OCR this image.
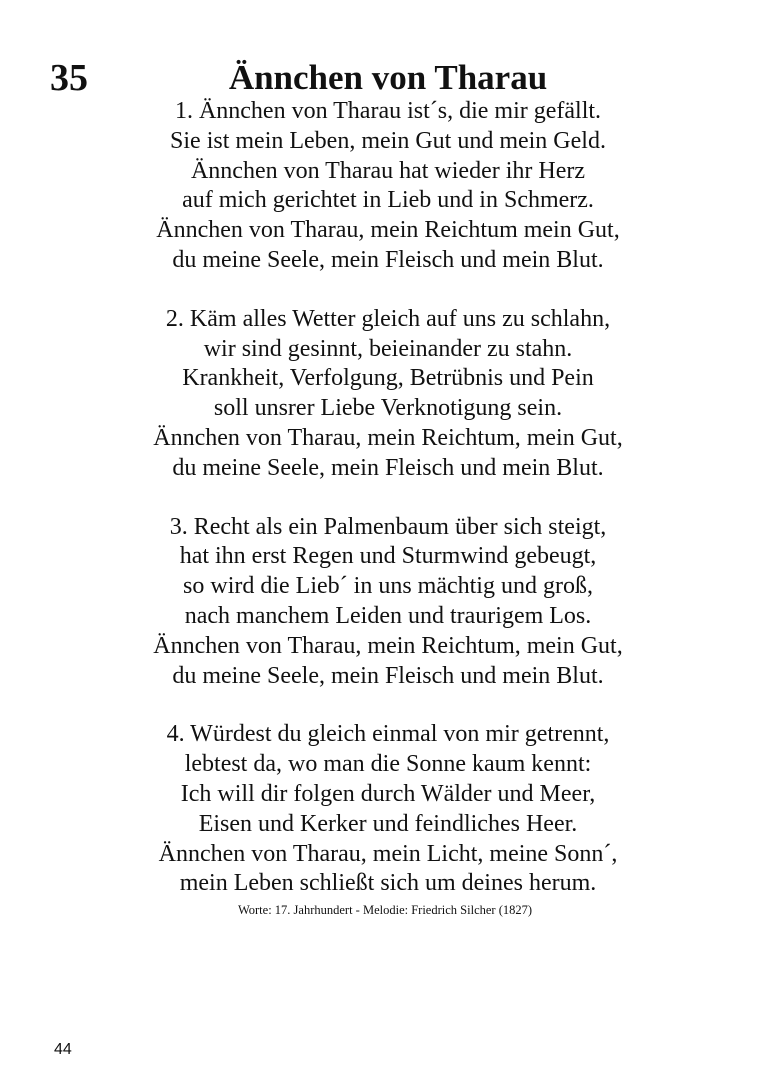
35	Ännchen von Tharau
1. Ännchen von Tharau ist´s, die mir gefällt.
Sie ist mein Leben, mein Gut und mein Geld.
Ännchen von Tharau hat wieder ihr Herz
auf mich gerichtet in Lieb und in Schmerz.
Ännchen von Tharau, mein Reichtum mein Gut,
du meine Seele, mein Fleisch und mein Blut.
2. Käm alles Wetter gleich auf uns zu schlahn,
wir sind gesinnt, beieinander zu stahn.
Krankheit, Verfolgung, Betrübnis und Pein
soll unsrer Liebe Verknotigung sein.
Ännchen von Tharau, mein Reichtum, mein Gut,
du meine Seele, mein Fleisch und mein Blut.
3. Recht als ein Palmenbaum über sich steigt,
hat ihn erst Regen und Sturmwind gebeugt,
so wird die Lieb´ in uns mächtig und groß,
nach manchem Leiden und traurigem Los.
Ännchen von Tharau, mein Reichtum, mein Gut,
du meine Seele, mein Fleisch und mein Blut.
4. Würdest du gleich einmal von mir getrennt,
lebtest da, wo man die Sonne kaum kennt:
Ich will dir folgen durch Wälder und Meer,
Eisen und Kerker und feindliches Heer.
Ännchen von Tharau, mein Licht, meine Sonn´,
mein Leben schließt sich um deines herum.
Worte: 17. Jahrhundert - Melodie: Friedrich Silcher (1827)
44
